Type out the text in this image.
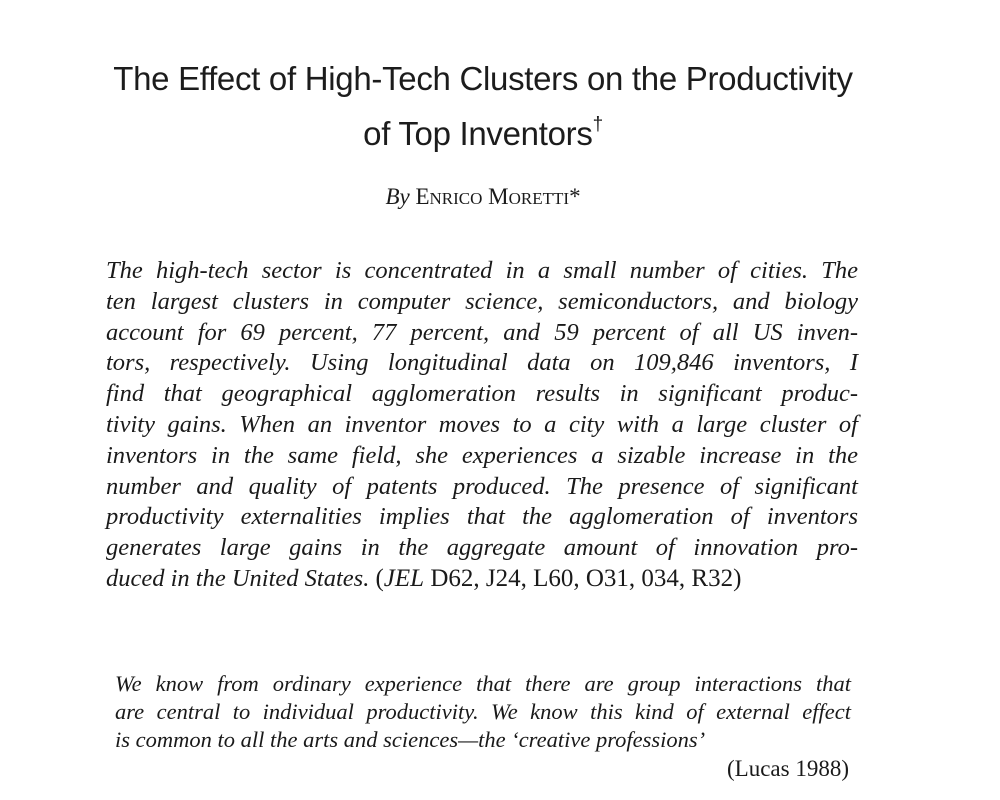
The Effect of High-Tech Clusters on the Productivity
of Top Inventors†
By ENRICO MORETTI*
The high-tech sector is concentrated in a small number of cities. The
ten largest clusters in computer science, semiconductors, and biology
account for 69 percent, 77 percent, and 59 percent of all US inven-
tors, respectively. Using longitudinal data on 109,846 inventors, I
find that geographical agglomeration results in significant produc-
tivity gains. When an inventor moves to a city with a large cluster of
inventors in the same field, she experiences a sizable increase in the
number and quality of patents produced. The presence of significant
productivity externalities implies that the agglomeration of inventors
generates large gains in the aggregate amount of innovation pro-
duced in the United States. (JEL D62, J24, L60, O31, 034, R32)
We know from ordinary experience that there are group interactions that
are central to individual productivity. We know this kind of external effect
is common to all the arts and sciences—the ‘creative professions’
(Lucas 1988)
